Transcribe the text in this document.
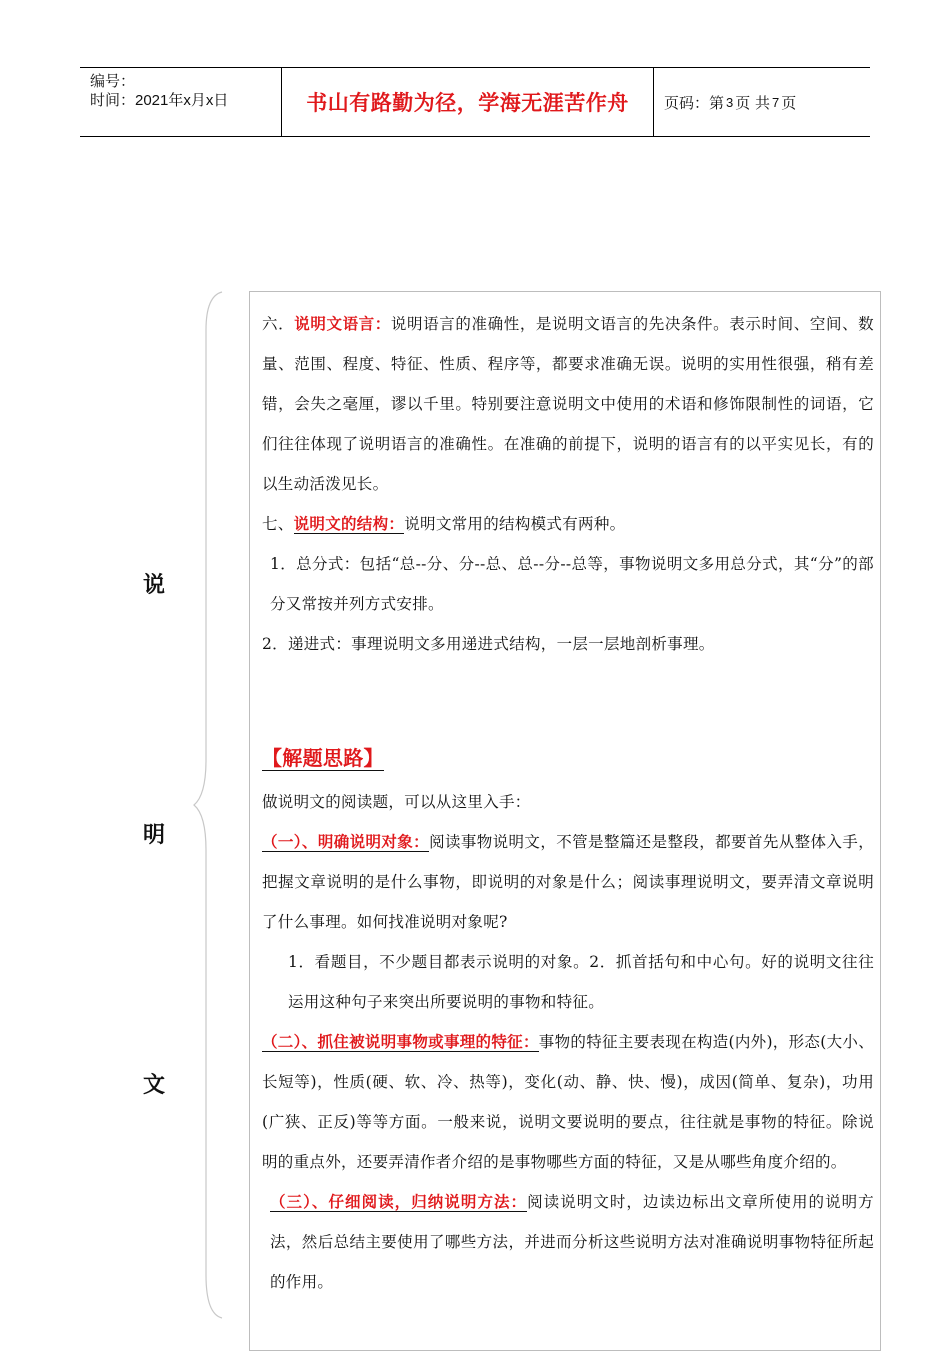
编号：
时间：2021年x月x日	书山有路勤为径，学海无涯苦作舟 页码：第 3 页 共 7 页
说
明
文

六．说明文语言：说明语言的准确性，是说明文语言的先决条件。表示时间、空间、数量、范围、程度、特征、性质、程序等，都要求准确无误。说明的实用性很强，稍有差错，会失之毫厘，谬以千里。特别要注意说明文中使用的术语和修饰限制性的词语，它们往往体现了说明语言的准确性。在准确的前提下，说明的语言有的以平实见长，有的以生动活泼见长。

七、说明文的结构：说明文常用的结构模式有两种。

1．总分式：包括“总--分、分--总、总--分--总等，事物说明文多用总分式，其“分”的部分又常按并列方式安排。

2．递进式：事理说明文多用递进式结构，一层一层地剖析事理。

【解题思路】

做说明文的阅读题，可以从这里入手：

（一）、明确说明对象：阅读事物说明文，不管是整篇还是整段，都要首先从整体入手，把握文章说明的是什么事物，即说明的对象是什么；阅读事理说明文，要弄清文章说明了什么事理。如何找准说明对象呢?

1．看题目，不少题目都表示说明的对象。2．抓首括句和中心句。好的说明文往往运用这种句子来突出所要说明的事物和特征。

（二）、抓住被说明事物或事理的特征：事物的特征主要表现在构造(内外)，形态(大小、长短等)，性质(硬、软、冷、热等)，变化(动、静、快、慢)，成因(简单、复杂)，功用(广狭、正反)等等方面。一般来说，说明文要说明的要点，往往就是事物的特征。除说明的重点外，还要弄清作者介绍的是事物哪些方面的特征，又是从哪些角度介绍的。

（三）、仔细阅读，归纳说明方法：阅读说明文时，边读边标出文章所使用的说明方法，然后总结主要使用了哪些方法，并进而分析这些说明方法对准确说明事物特征所起的作用。
